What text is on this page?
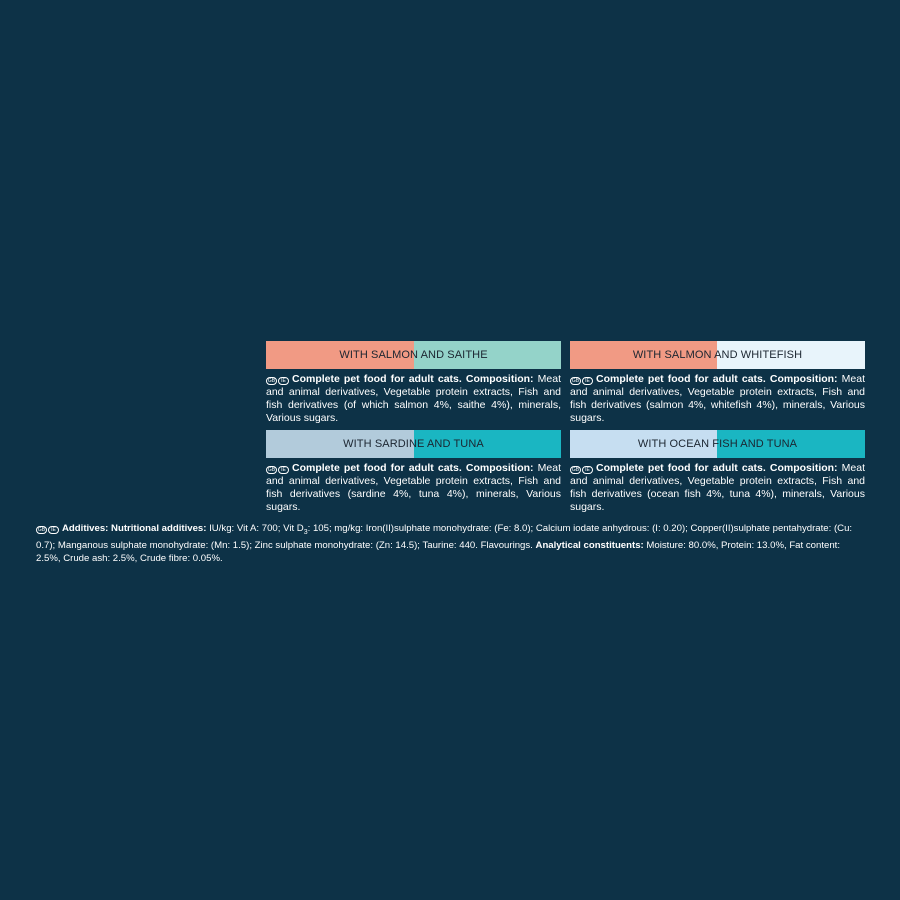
WITH SALMON AND SAITHE
GB	IE Complete pet food for adult cats. Composition: Meat and animal derivatives, Vegetable protein extracts, Fish and fish derivatives (of which salmon 4%, saithe 4%), minerals, Various sugars.
WITH SALMON AND WHITEFISH
GB	IE Complete pet food for adult cats. Composition: Meat and animal derivatives, Vegetable protein extracts, Fish and fish derivatives (salmon 4%, whitefish 4%), minerals, Various sugars.
WITH SARDINE AND TUNA
GB	IE Complete pet food for adult cats. Composition: Meat and animal derivatives, Vegetable protein extracts, Fish and fish derivatives (sardine 4%, tuna 4%), minerals, Various sugars.
WITH OCEAN FISH AND TUNA
GB	IE Complete pet food for adult cats. Composition: Meat and animal derivatives, Vegetable protein extracts, Fish and fish derivatives (ocean fish 4%, tuna 4%), minerals, Various sugars.
GB	IE Additives: Nutritional additives: IU/kg: Vit A: 700; Vit $D_3$: 105; mg/kg: Iron(II)sulphate monohydrate: (Fe: 8.0); Calcium iodate anhydrous: (I: 0.20); Copper(II)sulphate pentahydrate: (Cu: 0.7); Manganous sulphate monohydrate: (Mn: 1.5); Zinc sulphate monohydrate: (Zn: 14.5); Taurine: 440. Flavourings. Analytical constituents: Moisture: 80.0%, Protein: 13.0%, Fat content: 2.5%, Crude ash: 2.5%, Crude fibre: 0.05%.
